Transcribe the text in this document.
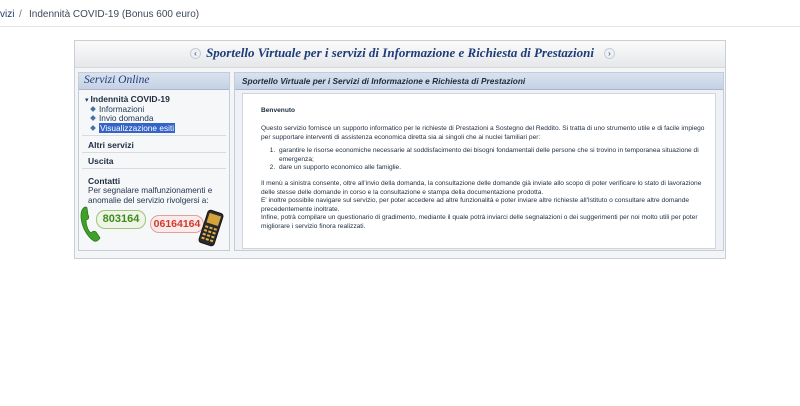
vizi / Indennità COVID-19 (Bonus 600 euro)
‹ Sportello Virtuale per i servizi di Informazione e Richiesta di Prestazioni	›
Servizi Online
▾ Indennità COVID-19
Informazioni
Invio domanda
Visualizzazione esiti
Altri servizi
Uscita
Contatti
Per segnalare malfunzionamenti e anomalie del servizio rivolgersi a:
803164	06164164
Sportello Virtuale per i Servizi di Informazione e Richiesta di Prestazioni
Benvenuto
Questo servizio fornisce un supporto informatico per le richieste di Prestazioni a Sostegno del Reddito. Si tratta di uno strumento utile e di facile impiego per supportare interventi di assistenza economica diretta sia ai singoli che ai nuclei familiari per:
1. garantire le risorse economiche necessarie al soddisfacimento dei bisogni fondamentali delle persone che si trovino in temporanea situazione di emergenza;
2. dare un supporto economico alle famiglie.
Il menù a sinistra consente, oltre all'invio della domanda, la consultazione delle domande già inviate allo scopo di poter verificare lo stato di lavorazione delle stesse delle domande in corso e la consultazione e stampa della documentazione prodotta.
E' inoltre possibile navigare sul servizio, per poter accedere ad altre funzionalità e poter inviare altre richieste all'Istituto o consultare altre domande precedentemente inoltrate.
Infine, potrà compilare un questionario di gradimento, mediante il quale potrà inviarci delle segnalazioni o dei suggerimenti per noi molto utili per poter migliorare i servizio finora realizzati.
